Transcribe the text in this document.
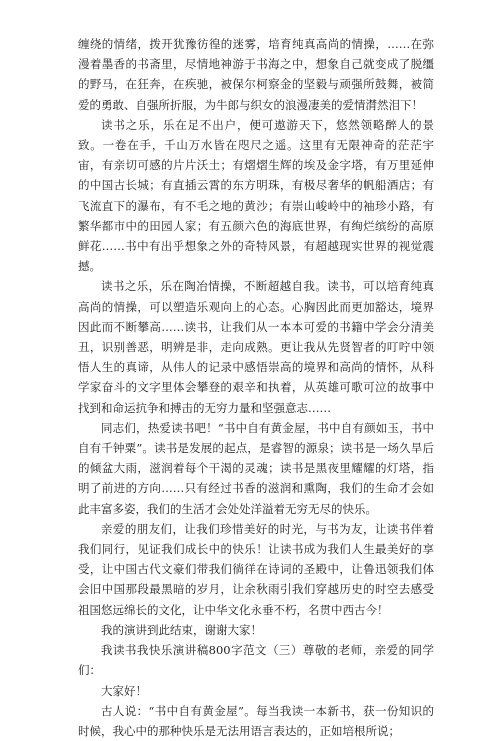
缠绕的情绪，拨开犹豫彷徨的迷雾，培育纯真高尚的情操，……在弥漫着墨香的书斋里，尽情地神游于书海之中，想象自己就变成了脱缰的野马，在狂奔，在疾驰，被保尔柯察金的坚毅与顽强所鼓舞，被简爱的勇敢、自强所折服，为牛郎与织女的浪漫凄美的爱情潸然泪下！

读书之乐，乐在足不出户，便可遨游天下，悠然领略醉人的景致。一卷在手，千山万水皆在咫尺之遥。这里有无限神奇的茫茫宇宙，有亲切可感的片片沃土；有熠熠生辉的埃及金字塔，有万里延伸的中国古长城；有直插云霄的东方明珠，有极尽奢华的帆船酒店；有飞流直下的瀑布，有不毛之地的黄沙；有崇山峻岭中的袖珍小路，有繁华都市中的田园人家；有五颜六色的海底世界，有绚烂缤纷的高原鲜花……书中有出乎想象之外的奇特风景，有超越现实世界的视觉震撼。

读书之乐，乐在陶冶情操，不断超越自我。读书，可以培育纯真高尚的情操，可以塑造乐观向上的心态。心胸因此而更加豁达，境界因此而不断攀高……读书，让我们从一本本可爱的书籍中学会分清美丑，识别善恶，明辨是非，走向成熟。更让我从先贤智者的叮咛中领悟人生的真谛，从伟人的记录中感悟崇高的境界和高尚的情怀，从科学家奋斗的文字里体会攀登的艰辛和执着，从英雄可歌可泣的故事中找到和命运抗争和搏击的无穷力量和坚强意志……

同志们，热爱读书吧！“书中自有黄金屋，书中自有颜如玉，书中自有千钟粟”。读书是发展的起点，是睿智的源泉；读书是一场久旱后的倾盆大雨，滋润着每个干渴的灵魂；读书是黑夜里耀耀的灯塔，指明了前进的方向……只有经过书香的滋润和熏陶，我们的生命才会如此丰富多姿，我们的生活才会处处洋溢着无穷无尽的快乐。

亲爱的朋友们，让我们珍惜美好的时光，与书为友，让读书伴着我们同行，见证我们成长中的快乐！让读书成为我们人生最美好的享受，让中国古代文豪们带我们徜徉在诗词的圣殿中，让鲁迅领我们体会旧中国那段最黑暗的岁月，让余秋雨引我们穿越历史的时空去感受祖国悠远绵长的文化，让中华文化永垂不朽，名贯中西古今！

我的演讲到此结束，谢谢大家！

我读书我快乐演讲稿800字范文（三）尊敬的老师，亲爱的同学们：

大家好！

古人说：“书中自有黄金屋”。每当我读一本新书，获一份知识的时候，我心中的那种快乐是无法用语言表达的，正如培根所说；
